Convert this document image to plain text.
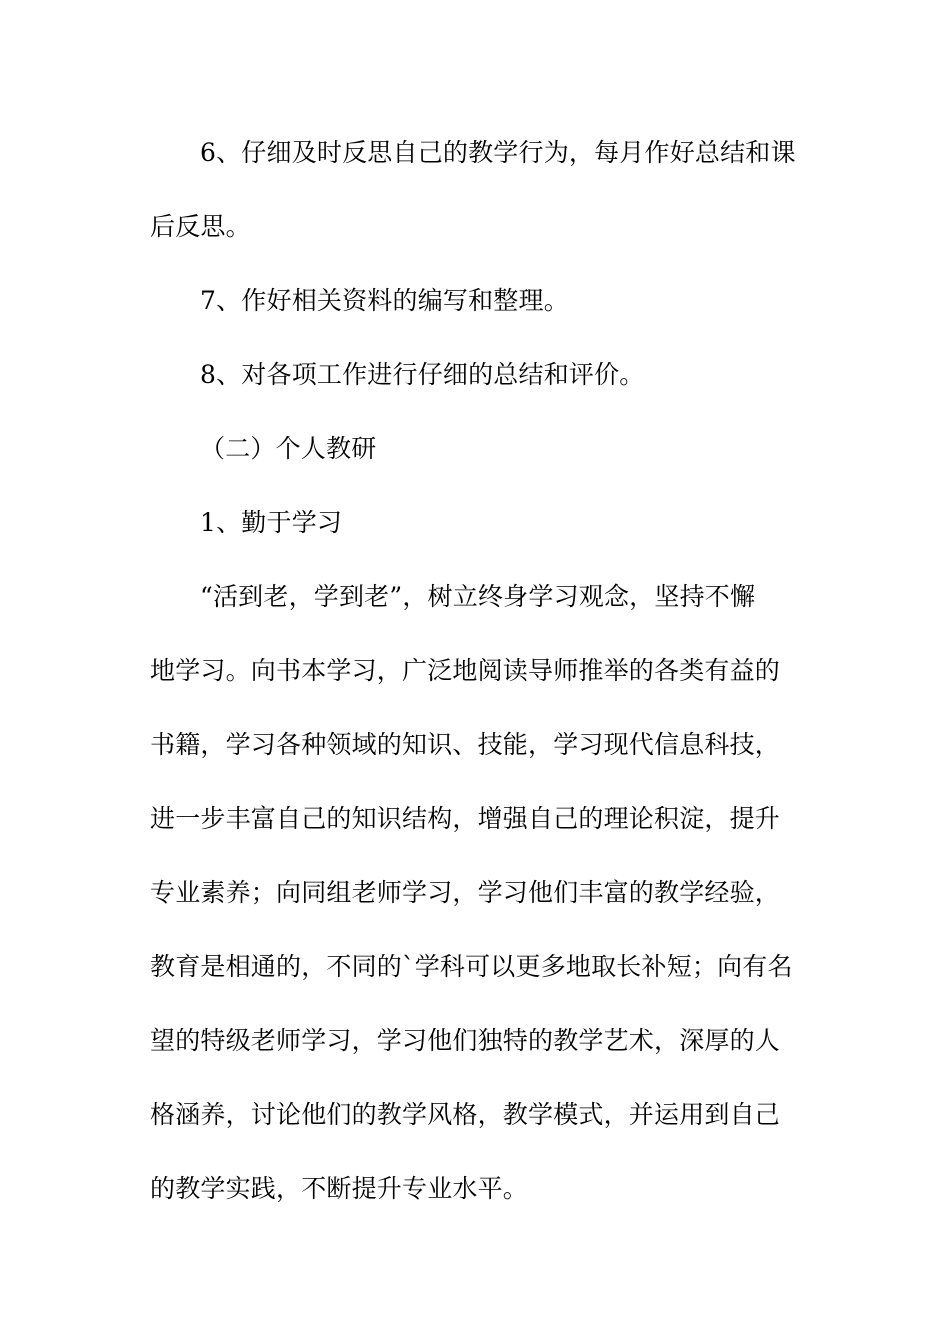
6、仔细及时反思自己的教学行为，每月作好总结和课
后反思。
7、作好相关资料的编写和整理。
8、对各项工作进行仔细的总结和评价。
（二）个人教研
1、勤于学习
“活到老，学到老”，树立终身学习观念，坚持不懈
地学习。向书本学习，广泛地阅读导师推举的各类有益的
书籍，学习各种领域的知识、技能，学习现代信息科技，
进一步丰富自己的知识结构，增强自己的理论积淀，提升
专业素养；向同组老师学习，学习他们丰富的教学经验，
教育是相通的，不同的`学科可以更多地取长补短；向有名
望的特级老师学习，学习他们独特的教学艺术，深厚的人
格涵养，讨论他们的教学风格，教学模式，并运用到自己
的教学实践，不断提升专业水平。
